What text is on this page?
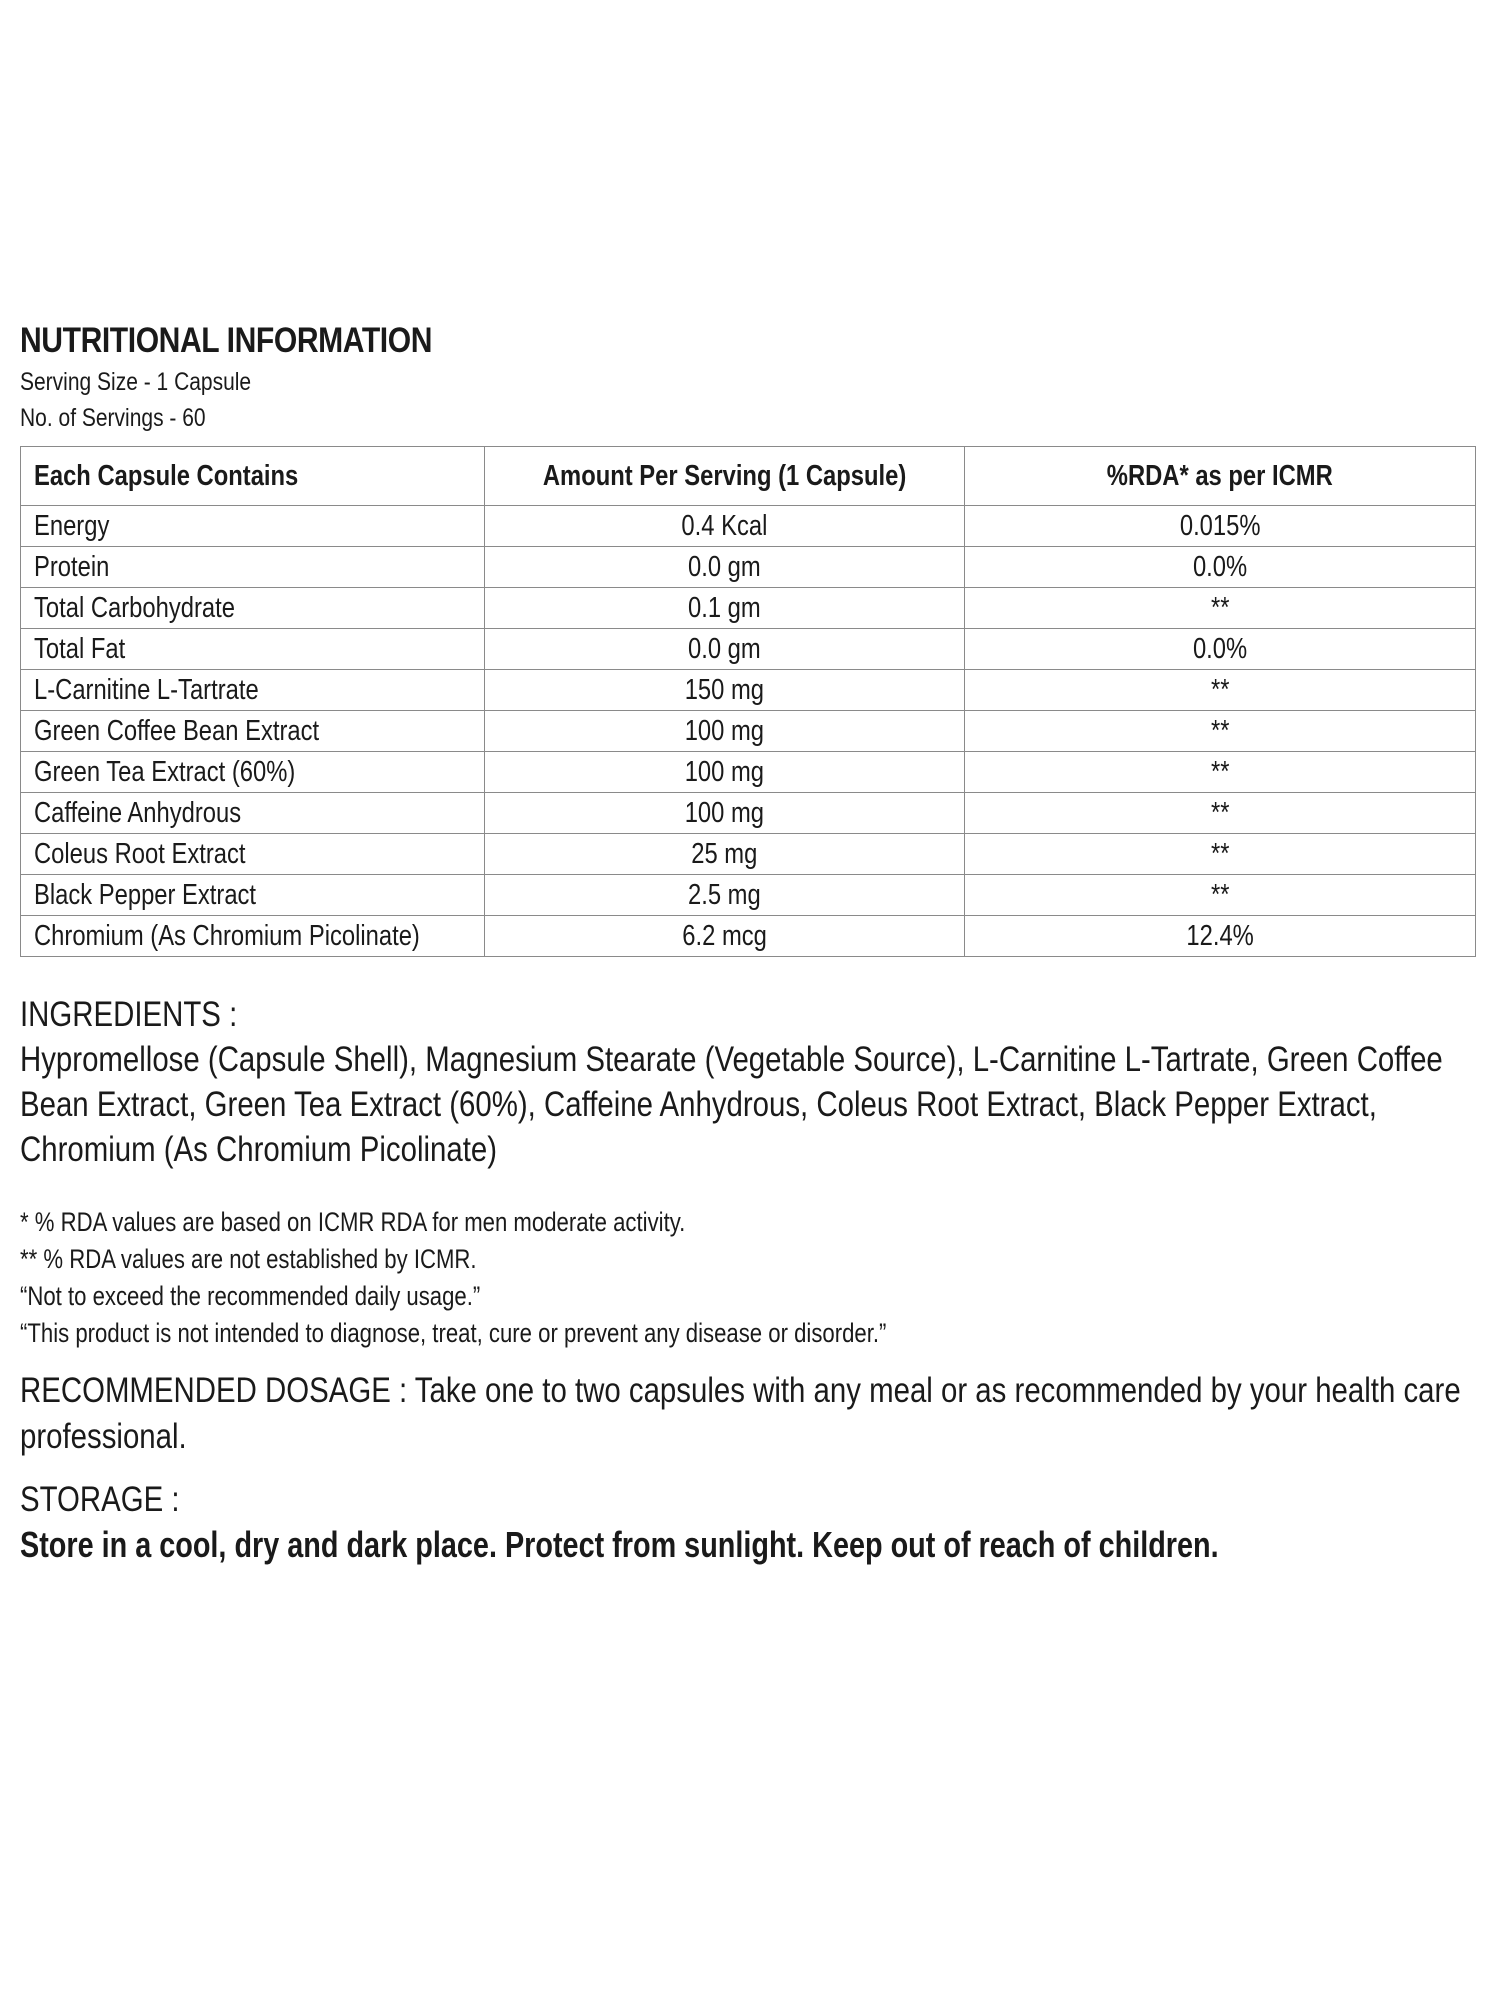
NUTRITIONAL INFORMATION
Serving Size - 1 Capsule
No. of Servings - 60
Each Capsule Contains	Amount Per Serving (1 Capsule)	%RDA* as per ICMR
Energy	0.4 Kcal	0.015%
Protein	0.0 gm	0.0%
Total Carbohydrate	0.1 gm	**
Total Fat	0.0 gm	0.0%
L-Carnitine L-Tartrate	150 mg	**
Green Coffee Bean Extract	100 mg	**
Green Tea Extract (60%)	100 mg	**
Caffeine Anhydrous	100 mg	**
Coleus Root Extract	25 mg	**
Black Pepper Extract	2.5 mg	**
Chromium (As Chromium Picolinate)	6.2 mcg	12.4%
INGREDIENTS :
Hypromellose (Capsule Shell), Magnesium Stearate (Vegetable Source), L-Carnitine L-Tartrate, Green Coffee Bean Extract, Green Tea Extract (60%), Caffeine Anhydrous, Coleus Root Extract, Black Pepper Extract, Chromium (As Chromium Picolinate)
* % RDA values are based on ICMR RDA for men moderate activity.
** % RDA values are not established by ICMR.
“Not to exceed the recommended daily usage.”
“This product is not intended to diagnose, treat, cure or prevent any disease or disorder.”
RECOMMENDED DOSAGE : Take one to two capsules with any meal or as recommended by your health care professional.
STORAGE :
Store in a cool, dry and dark place. Protect from sunlight. Keep out of reach of children.
